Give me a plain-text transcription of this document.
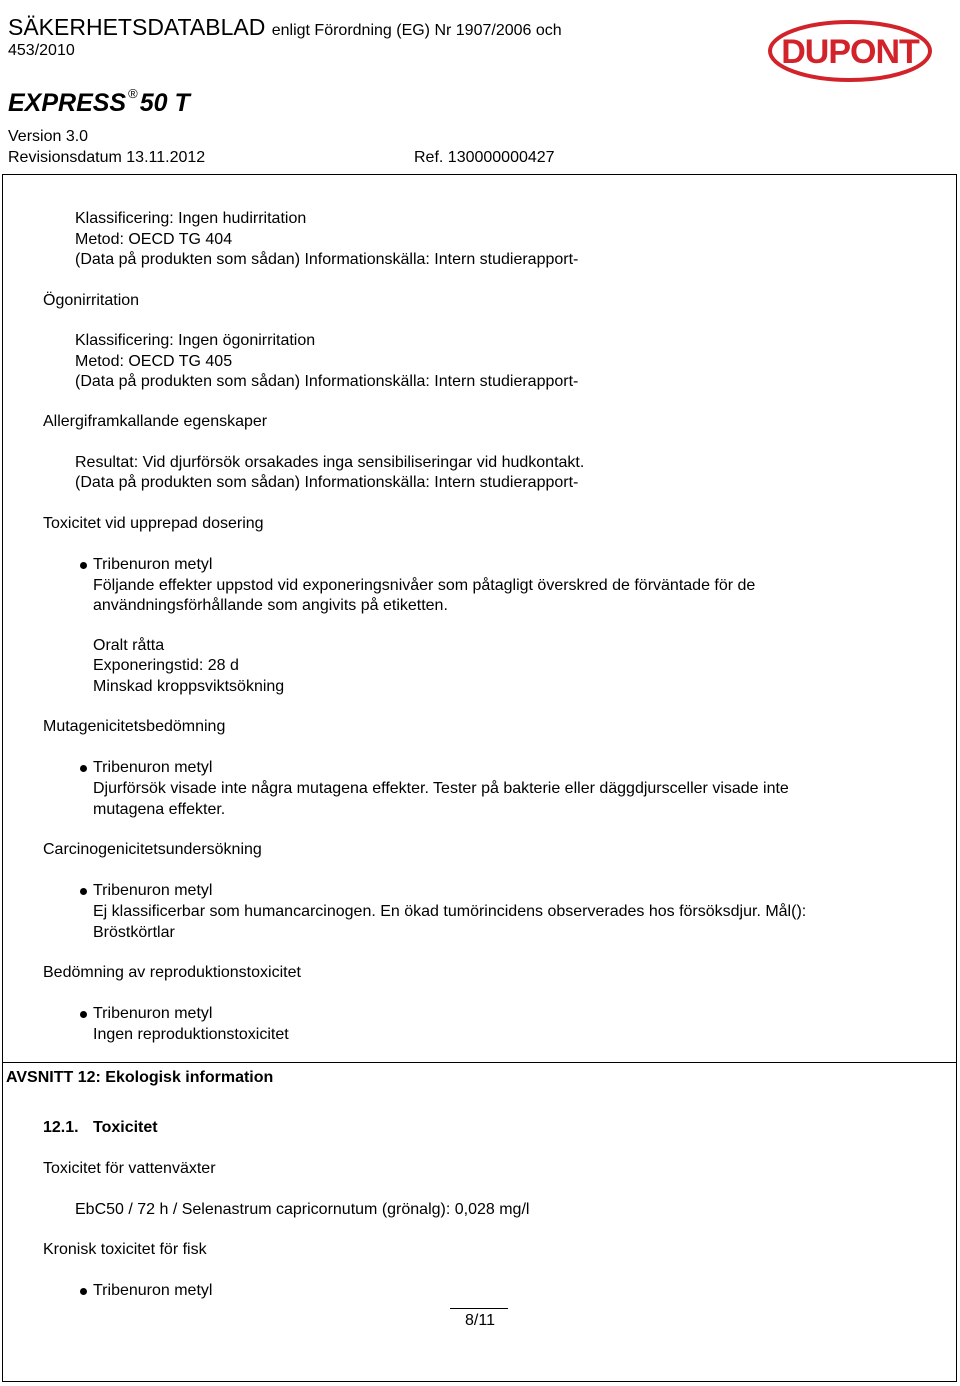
SÄKERHETSDATABLAD enligt Förordning (EG) Nr 1907/2006 och
453/2010
EXPRESS ®50 T
Version 3.0
Revisionsdatum 13.11.2012	Ref. 130000000427
DUPONT
Klassificering: Ingen hudirritation
Metod: OECD TG 404
(Data på produkten som sådan) Informationskälla: Intern studierapport-
Ögonirritation
Klassificering: Ingen ögonirritation
Metod: OECD TG 405
(Data på produkten som sådan) Informationskälla: Intern studierapport-
Allergiframkallande egenskaper
Resultat: Vid djurförsök orsakades inga sensibiliseringar vid hudkontakt.
(Data på produkten som sådan) Informationskälla: Intern studierapport-
Toxicitet vid upprepad dosering
Tribenuron metyl
Följande effekter uppstod vid exponeringsnivåer som påtagligt överskred de förväntade för de
användningsförhållande som angivits på etiketten.
Oralt råtta
Exponeringstid: 28 d
Minskad kroppsviktsökning
Mutagenicitetsbedömning
Tribenuron metyl
Djurförsök visade inte några mutagena effekter. Tester på bakterie eller däggdjursceller visade inte
mutagena effekter.
Carcinogenicitetsundersökning
Tribenuron metyl
Ej klassificerbar som humancarcinogen. En ökad tumörincidens observerades hos försöksdjur. Mål():
Bröstkörtlar
Bedömning av reproduktionstoxicitet
Tribenuron metyl
Ingen reproduktionstoxicitet
AVSNITT 12: Ekologisk information
12.1. Toxicitet
Toxicitet för vattenväxter
EbC50 / 72 h / Selenastrum capricornutum (grönalg): 0,028 mg/l
Kronisk toxicitet för fisk
Tribenuron metyl
8/11
